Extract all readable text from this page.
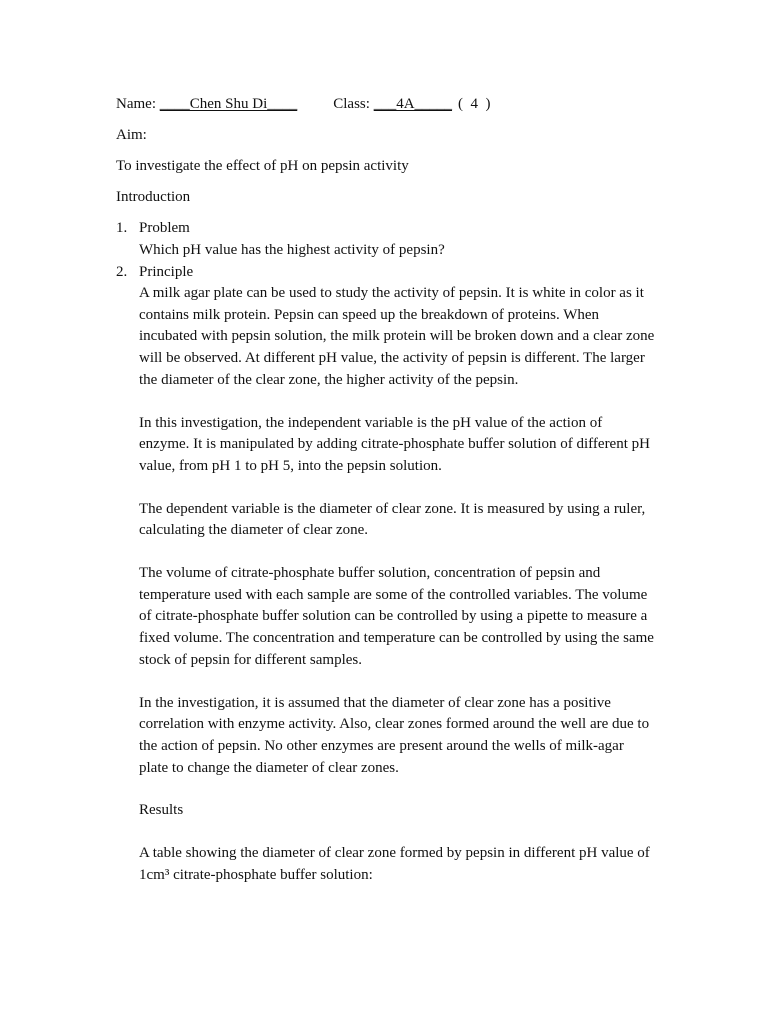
Name: ____Chen Shu Di____ Class: ___4A_____ (  4  )
Aim:
To investigate the effect of pH on pepsin activity
Introduction
1. Problem
Which pH value has the highest activity of pepsin?
2. Principle
A milk agar plate can be used to study the activity of pepsin. It is white in color as it contains milk protein. Pepsin can speed up the breakdown of proteins. When incubated with pepsin solution, the milk protein will be broken down and a clear zone will be observed. At different pH value, the activity of pepsin is different. The larger the diameter of the clear zone, the higher activity of the pepsin.
In this investigation, the independent variable is the pH value of the action of enzyme. It is manipulated by adding citrate-phosphate buffer solution of different pH value, from pH 1 to pH 5, into the pepsin solution.
The dependent variable is the diameter of clear zone. It is measured by using a ruler, calculating the diameter of clear zone.
The volume of citrate-phosphate buffer solution, concentration of pepsin and temperature used with each sample are some of the controlled variables. The volume of citrate-phosphate buffer solution can be controlled by using a pipette to measure a fixed volume. The concentration and temperature can be controlled by using the same stock of pepsin for different samples.
In the investigation, it is assumed that the diameter of clear zone has a positive correlation with enzyme activity. Also, clear zones formed around the well are due to the action of pepsin. No other enzymes are present around the wells of milk-agar plate to change the diameter of clear zones.
Results
A table showing the diameter of clear zone formed by pepsin in different pH value of 1cm³ citrate-phosphate buffer solution:
